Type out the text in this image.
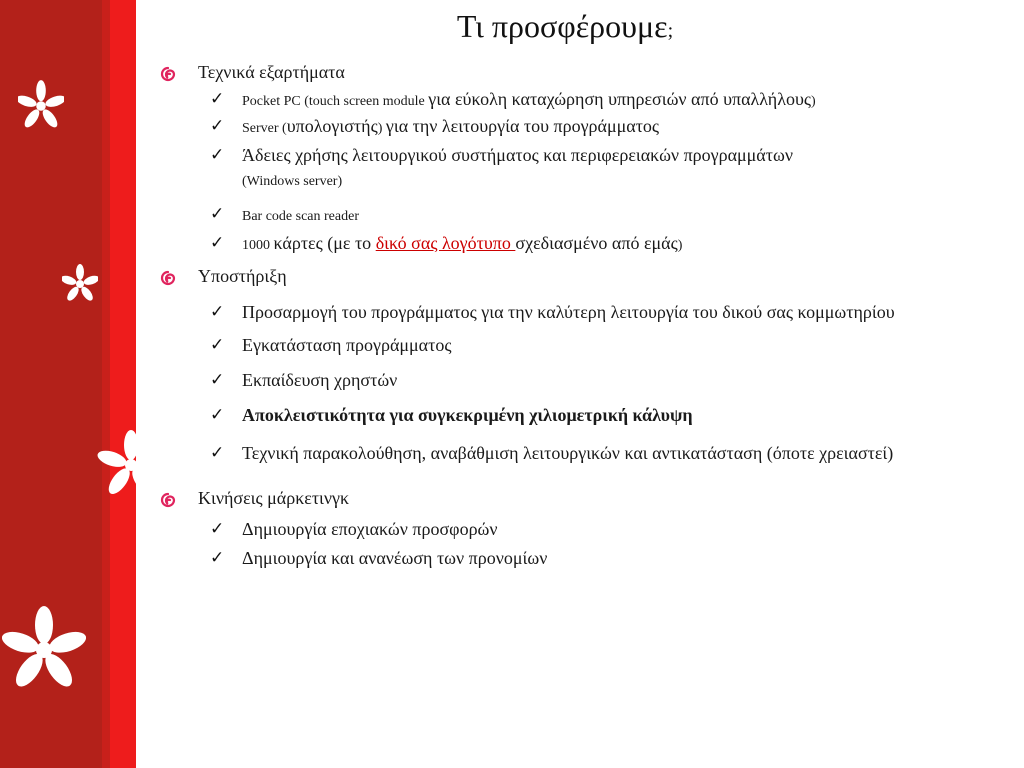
Τι προσφέρουμε;
Τεχνικά εξαρτήματα
✓ Pocket PC (touch screen module για εύκολη καταχώρηση υπηρεσιών από υπαλλήλους)
✓ Server (υπολογιστής) για την λειτουργία του προγράμματος
✓ Άδειες χρήσης λειτουργικού συστήματος και περιφερειακών προγραμμάτων
(Windows server)
✓ Bar code scan reader
✓ 1000 κάρτες (με το δικό σας λογότυπο σχεδιασμένο από εμάς)
Υποστήριξη
✓ Προσαρμογή του προγράμματος για την καλύτερη λειτουργία του δικού σας κομμωτηρίου
✓ Εγκατάσταση προγράμματος
✓ Εκπαίδευση χρηστών
✓ Αποκλειστικότητα για συγκεκριμένη χιλιομετρική κάλυψη
✓ Τεχνική παρακολούθηση, αναβάθμιση λειτουργικών και αντικατάσταση (όποτε χρειαστεί)
Κινήσεις μάρκετινγκ
✓ Δημιουργία εποχιακών προσφορών
✓ Δημιουργία και ανανέωση των προνομίων
